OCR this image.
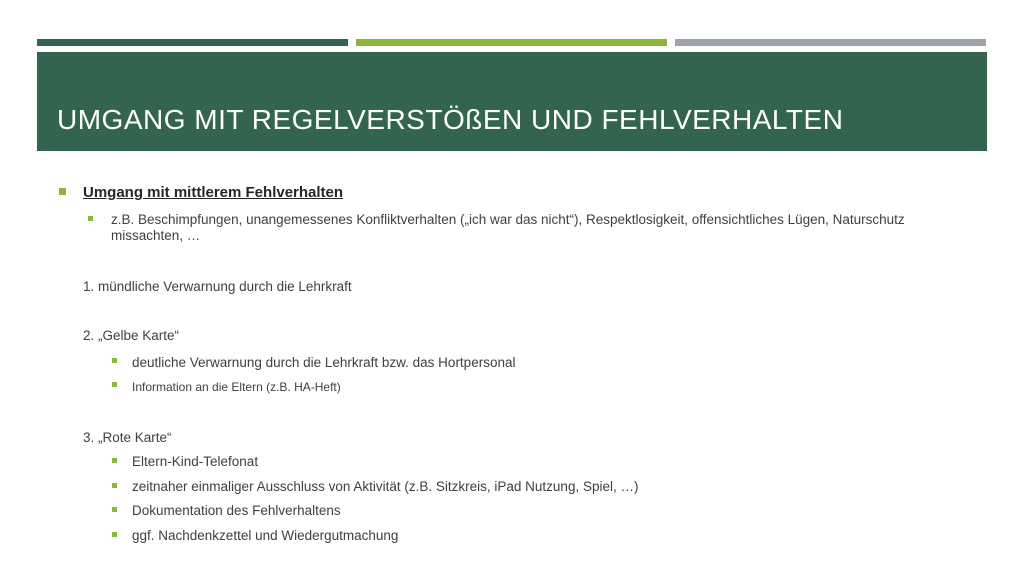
UMGANG MIT REGELVERSTÖßEN UND FEHLVERHALTEN
Umgang mit mittlerem Fehlverhalten
z.B. Beschimpfungen, unangemessenes Konfliktverhalten („ich war das nicht“), Respektlosigkeit, offensichtliches Lügen, Naturschutz
missachten, …
1. mündliche Verwarnung durch die Lehrkraft
2. „Gelbe Karte“
deutliche Verwarnung durch die Lehrkraft bzw. das Hortpersonal
Information an die Eltern (z.B. HA-Heft)
3. „Rote Karte“
Eltern-Kind-Telefonat
zeitnaher einmaliger Ausschluss von Aktivität (z.B. Sitzkreis, iPad Nutzung, Spiel, …)
Dokumentation des Fehlverhaltens
ggf. Nachdenkzettel und Wiedergutmachung
